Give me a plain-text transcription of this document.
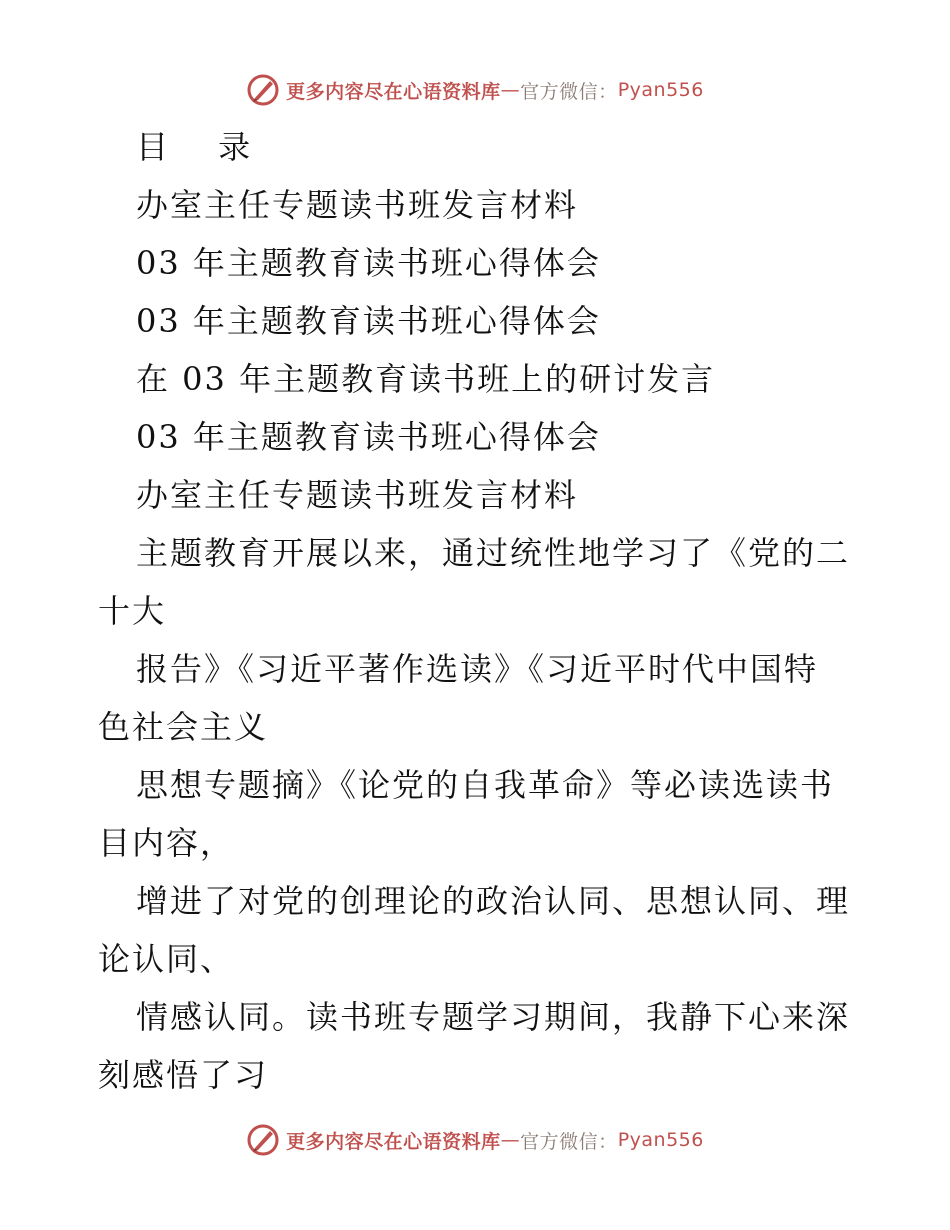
更多内容尽在心语资料库 — 官方微信： Pyan556
目 录
办室主任专题读书班发言材料
03 年主题教育读书班心得体会
03 年主题教育读书班心得体会
在 03 年主题教育读书班上的研讨发言
03 年主题教育读书班心得体会
办室主任专题读书班发言材料
主题教育开展以来，通过统性地学习了《党的二
十大
报告》《习近平著作选读》《习近平时代中国特
色社会主义
思想专题摘》《论党的自我革命》等必读选读书
目内容，
增进了对党的创理论的政治认同、思想认同、理
论认同、
情感认同。读书班专题学习期间，我静下心来深
刻感悟了习
更多内容尽在心语资料库 — 官方微信： Pyan556
